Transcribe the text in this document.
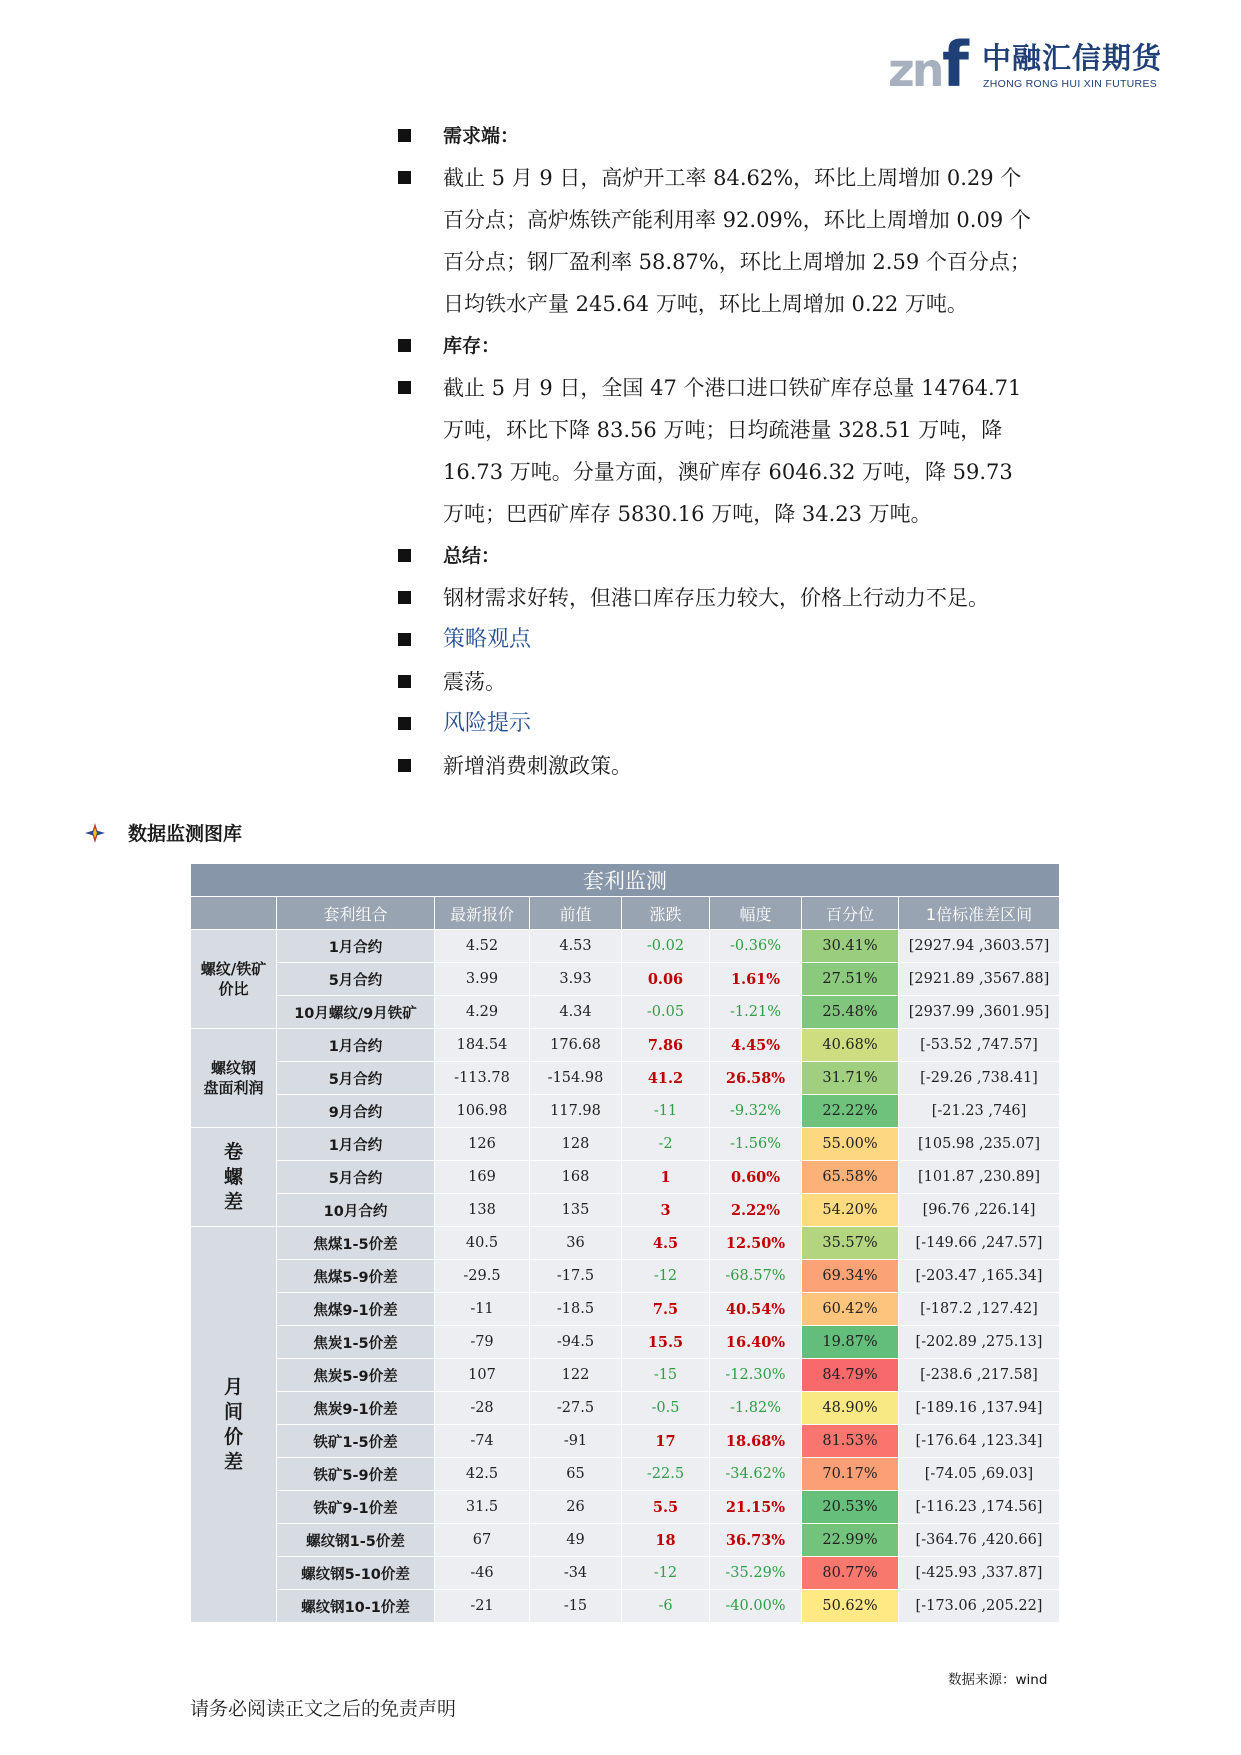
zn f 中融汇信期货
ZHONG RONG HUI XIN FUTURES
需求端：
截止 5 月 9 日，高炉开工率 84.62%，环比上周增加 0.29 个百分点；高炉炼铁产能利用率 92.09%，环比上周增加 0.09 个百分点；钢厂盈利率 58.87%，环比上周增加 2.59 个百分点；日均铁水产量 245.64 万吨，环比上周增加 0.22 万吨。
库存：
截止 5 月 9 日，全国 47 个港口进口铁矿库存总量 14764.71 万吨，环比下降 83.56 万吨；日均疏港量 328.51 万吨，降 16.73 万吨。分量方面，澳矿库存 6046.32 万吨，降 59.73 万吨；巴西矿库存 5830.16 万吨，降 34.23 万吨。
总结：
钢材需求好转，但港口库存压力较大，价格上行动力不足。
策略观点
震荡。
风险提示
新增消费刺激政策。
数据监测图库
套利监测							
	套利组合	最新报价	前值	涨跌	幅度	百分位	1倍标准差区间

螺纹/铁矿
价比	1月合约	4.52	4.53	-0.02	-0.36%	30.41%	[2927.94 ,3603.57]
	5月合约	3.99	3.93	0.06	1.61%	27.51%	[2921.89 ,3567.88]
	10月螺纹/9月铁矿	4.29	4.34	-0.05	-1.21%	25.48%	[2937.99 ,3601.95]

螺纹钢
盘面利润	1月合约	184.54	176.68	7.86	4.45%	40.68%	[-53.52 ,747.57]
	5月合约	-113.78	-154.98	41.2	26.58%	31.71%	[-29.26 ,738.41]
	9月合约	106.98	117.98	-11	-9.32%	22.22%	[-21.23 ,746]

卷
螺
差	1月合约	126	128	-2	-1.56%	55.00%	[105.98 ,235.07]
	5月合约	169	168	1	0.60%	65.58%	[101.87 ,230.89]
	10月合约	138	135	3	2.22%	54.20%	[96.76 ,226.14]

月
间
价
差	焦煤1-5价差	40.5	36	4.5	12.50%	35.57%	[-149.66 ,247.57]
	焦煤5-9价差	-29.5	-17.5	-12	-68.57%	69.34%	[-203.47 ,165.34]
	焦煤9-1价差	-11	-18.5	7.5	40.54%	60.42%	[-187.2 ,127.42]
	焦炭1-5价差	-79	-94.5	15.5	16.40%	19.87%	[-202.89 ,275.13]
	焦炭5-9价差	107	122	-15	-12.30%	84.79%	[-238.6 ,217.58]
	焦炭9-1价差	-28	-27.5	-0.5	-1.82%	48.90%	[-189.16 ,137.94]
	铁矿1-5价差	-74	-91	17	18.68%	81.53%	[-176.64 ,123.34]
	铁矿5-9价差	42.5	65	-22.5	-34.62%	70.17%	[-74.05 ,69.03]
	铁矿9-1价差	31.5	26	5.5	21.15%	20.53%	[-116.23 ,174.56]
	螺纹钢1-5价差	67	49	18	36.73%	22.99%	[-364.76 ,420.66]
	螺纹钢5-10价差	-46	-34	-12	-35.29%	80.77%	[-425.93 ,337.87]
	螺纹钢10-1价差	-21	-15	-6	-40.00%	50.62%	[-173.06 ,205.22]
数据来源：wind
请务必阅读正文之后的免责声明
